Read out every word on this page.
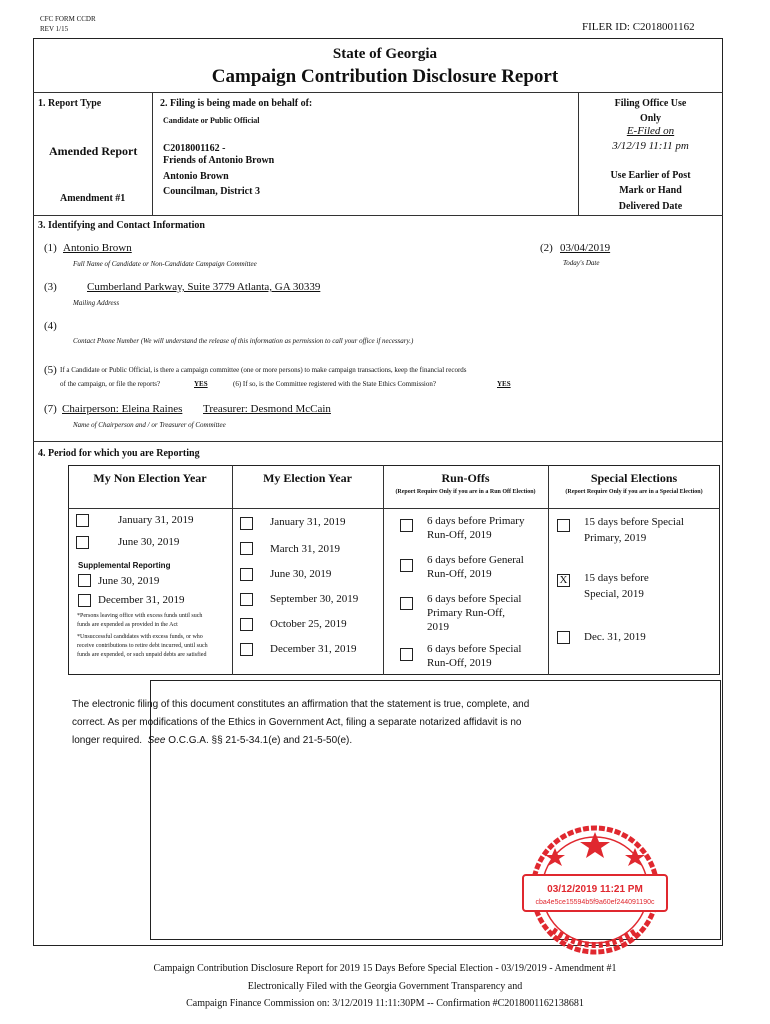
CFC FORM CCDR
REV 1/15	FILER ID: C2018001162
State of Georgia
Campaign Contribution Disclosure Report
1. Report Type
Amended Report
Amendment #1
2. Filing is being made on behalf of:
Candidate or Public Official
C2018001162 -
Friends of Antonio Brown
Antonio Brown
Councilman, District 3
Filing Office Use
Only
E-Filed on
3/12/19 11:11 pm
Use Earlier of Post
Mark or Hand
Delivered Date
3. Identifying and Contact Information
(1) Antonio Brown
Full Name of Candidate or Non-Candidate Campaign Committee
(2) 03/04/2019
Today's Date
(3)	Cumberland Parkway, Suite 3779 Atlanta, GA 30339
Mailing Address
(4)
Contact Phone Number (We will understand the release of this information as permission to call your office if necessary.)
(5) If a Candidate or Public Official, is there a campaign committee (one or more persons) to make campaign transactions, keep the financial records
of the campaign, or file the reports?	YES	(6) If so, is the Committee registered with the State Ethics Commission?	YES
(7) Chairperson: Eleina Raines Treasurer: Desmond McCain
Name of Chairperson and / or Treasurer of Committee
4. Period for which you are Reporting
My Non Election Year	My Election Year	Run-Offs
(Report Require Only if you are in a Run Off Election)
Special Elections
(Report Require Only if you are in a Special Election)
January 31, 2019
June 30, 2019
Supplemental Reporting
June 30, 2019
December 31, 2019
*Persons leaving office with excess funds until such funds are expended as provided in the Act
*Unsuccessful candidates with excess funds, or who receive contributions to retire debt incurred, until such funds are expended, or such unpaid debts are satisfied
January 31, 2019
March 31, 2019
June 30, 2019
September 30, 2019
October 25, 2019
December 31, 2019
6 days before Primary Run-Off, 2019
6 days before General Run-Off, 2019
6 days before Special Primary Run-Off, 2019
6 days before Special Run-Off, 2019
15 days before Special Primary, 2019
X 15 days before Special, 2019
Dec. 31, 2019
The electronic filing of this document constitutes an affirmation that the statement is true, complete, and
correct. As per modifications of the Ethics in Government Act, filing a separate notarized affidavit is no
longer required. See O.C.G.A. §§ 21-5-34.1(e) and 21-5-50(e).
03/12/2019 11:21 PM
cba4e5ce15594b5f9a60ef244091190c
Campaign Contribution Disclosure Report for 2019 15 Days Before Special Election - 03/19/2019 - Amendment #1
Electronically Filed with the Georgia Government Transparency and
Campaign Finance Commission on: 3/12/2019 11:11:30PM -- Confirmation #C2018001162138681
